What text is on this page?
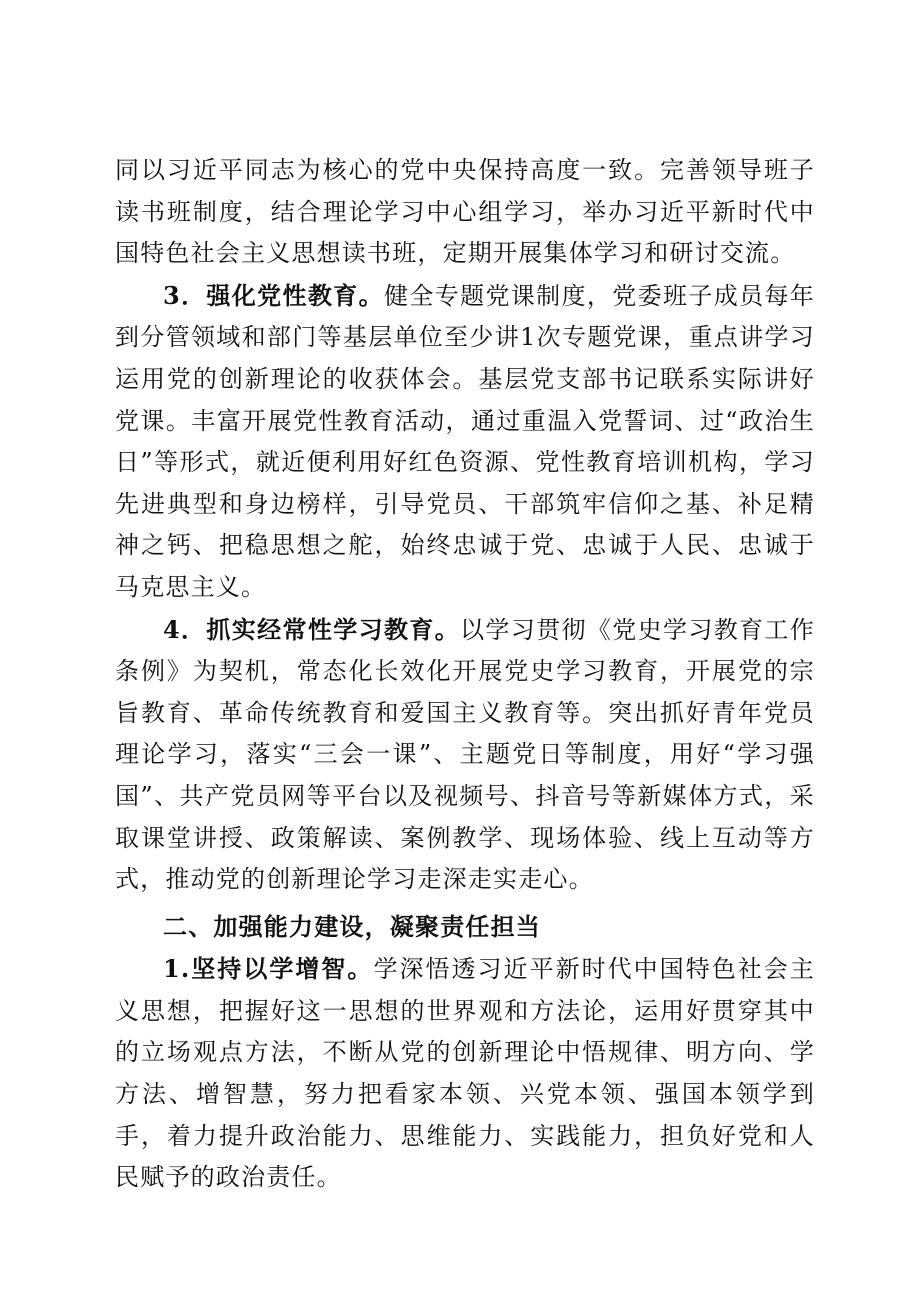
同以习近平同志为核心的党中央保持高度一致。完善领导班子读书班制度，结合理论学习中心组学习，举办习近平新时代中国特色社会主义思想读书班，定期开展集体学习和研讨交流。

3．强化党性教育。健全专题党课制度，党委班子成员每年到分管领域和部门等基层单位至少讲1次专题党课，重点讲学习运用党的创新理论的收获体会。基层党支部书记联系实际讲好党课。丰富开展党性教育活动，通过重温入党誓词、过“政治生日”等形式，就近便利用好红色资源、党性教育培训机构，学习先进典型和身边榜样，引导党员、干部筑牢信仰之基、补足精神之钙、把稳思想之舵，始终忠诚于党、忠诚于人民、忠诚于马克思主义。

4．抓实经常性学习教育。以学习贯彻《党史学习教育工作条例》为契机，常态化长效化开展党史学习教育，开展党的宗旨教育、革命传统教育和爱国主义教育等。突出抓好青年党员理论学习，落实“三会一课”、主题党日等制度，用好“学习强国”、共产党员网等平台以及视频号、抖音号等新媒体方式，采取课堂讲授、政策解读、案例教学、现场体验、线上互动等方式，推动党的创新理论学习走深走实走心。

二、加强能力建设，凝聚责任担当

1.坚持以学增智。学深悟透习近平新时代中国特色社会主义思想，把握好这一思想的世界观和方法论，运用好贯穿其中的立场观点方法，不断从党的创新理论中悟规律、明方向、学方法、增智慧，努力把看家本领、兴党本领、强国本领学到手，着力提升政治能力、思维能力、实践能力，担负好党和人民赋予的政治责任。
